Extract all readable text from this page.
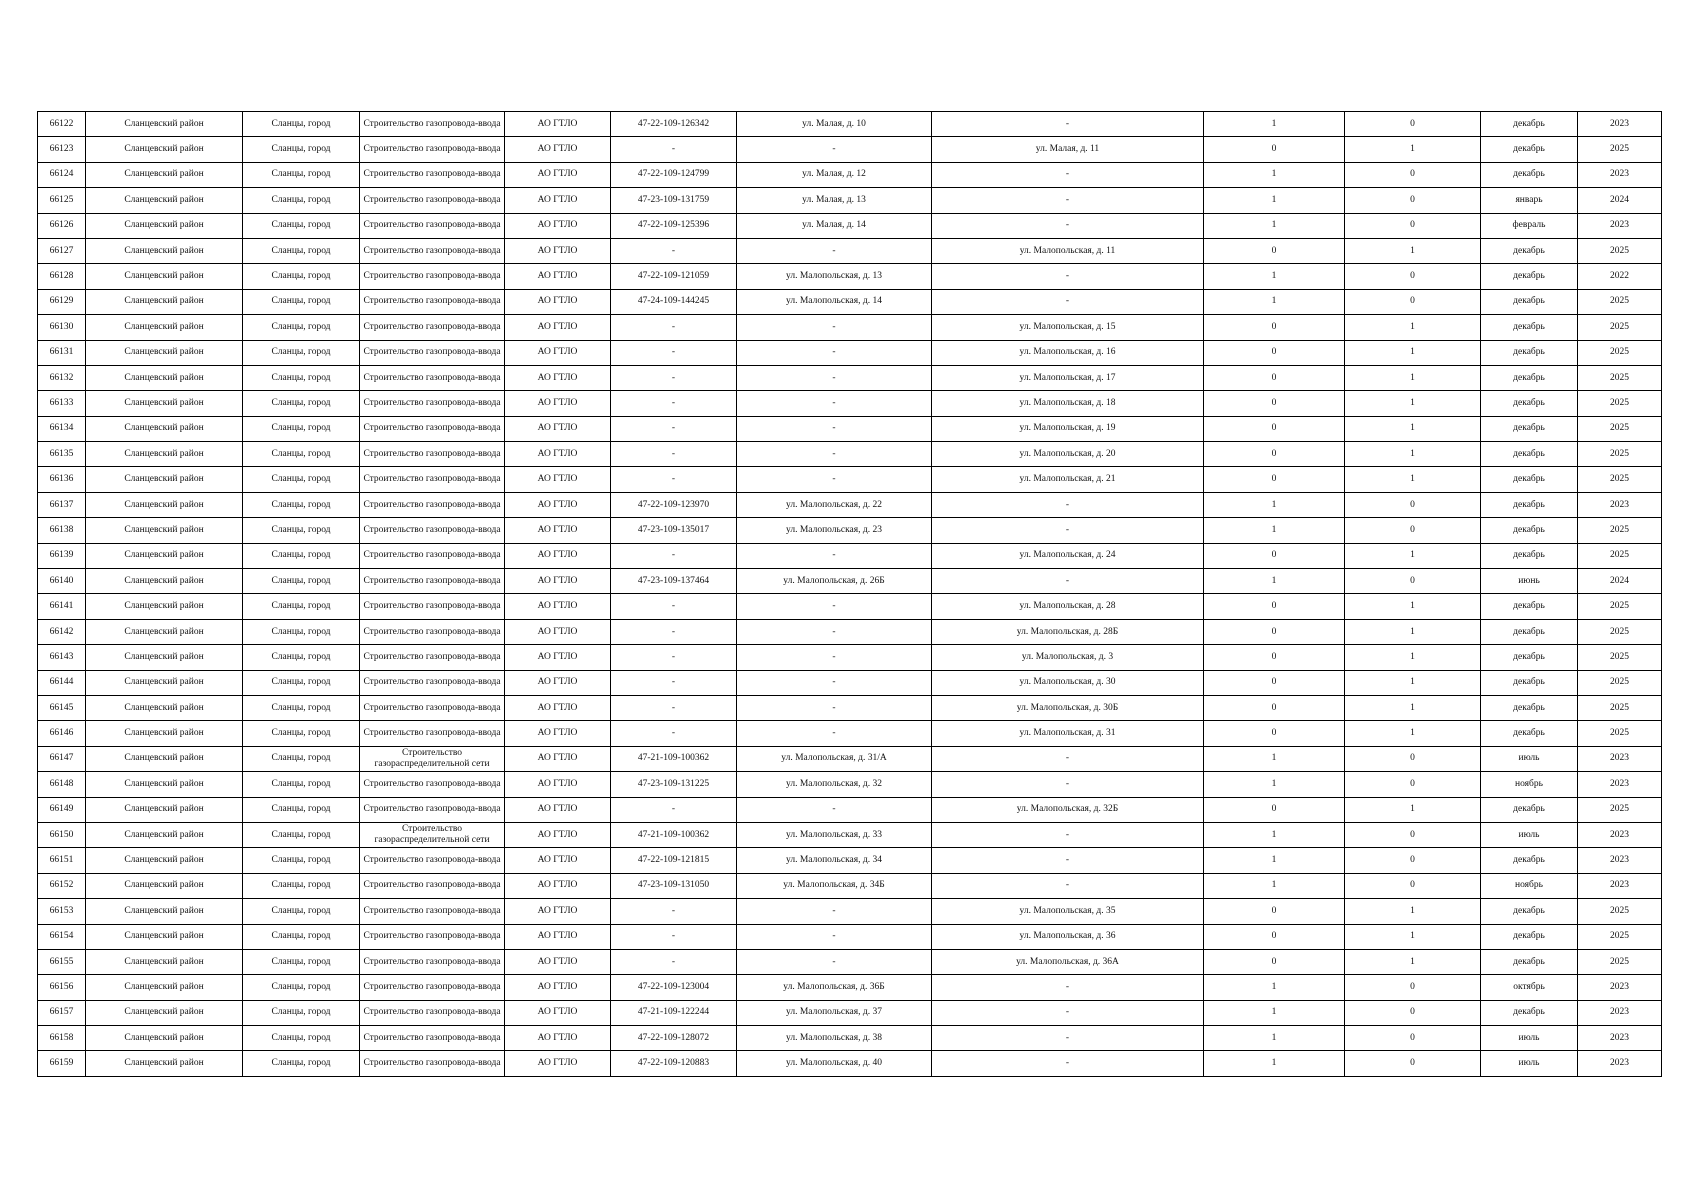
66122	Сланцевский район	Сланцы, город	Строительство газопровода-ввода	АО ГТЛО	47-22-109-126342	ул. Малая, д. 10	-	1	0	декабрь	2023
66123	Сланцевский район	Сланцы, город	Строительство газопровода-ввода	АО ГТЛО	-	-	ул. Малая, д. 11	0	1	декабрь	2025
66124	Сланцевский район	Сланцы, город	Строительство газопровода-ввода	АО ГТЛО	47-22-109-124799	ул. Малая, д. 12	-	1	0	декабрь	2023
66125	Сланцевский район	Сланцы, город	Строительство газопровода-ввода	АО ГТЛО	47-23-109-131759	ул. Малая, д. 13	-	1	0	январь	2024
66126	Сланцевский район	Сланцы, город	Строительство газопровода-ввода	АО ГТЛО	47-22-109-125396	ул. Малая, д. 14	-	1	0	февраль	2023
66127	Сланцевский район	Сланцы, город	Строительство газопровода-ввода	АО ГТЛО	-	-	ул. Малопольская, д. 11	0	1	декабрь	2025
66128	Сланцевский район	Сланцы, город	Строительство газопровода-ввода	АО ГТЛО	47-22-109-121059	ул. Малопольская, д. 13	-	1	0	декабрь	2022
66129	Сланцевский район	Сланцы, город	Строительство газопровода-ввода	АО ГТЛО	47-24-109-144245	ул. Малопольская, д. 14	-	1	0	декабрь	2025
66130	Сланцевский район	Сланцы, город	Строительство газопровода-ввода	АО ГТЛО	-	-	ул. Малопольская, д. 15	0	1	декабрь	2025
66131	Сланцевский район	Сланцы, город	Строительство газопровода-ввода	АО ГТЛО	-	-	ул. Малопольская, д. 16	0	1	декабрь	2025
66132	Сланцевский район	Сланцы, город	Строительство газопровода-ввода	АО ГТЛО	-	-	ул. Малопольская, д. 17	0	1	декабрь	2025
66133	Сланцевский район	Сланцы, город	Строительство газопровода-ввода	АО ГТЛО	-	-	ул. Малопольская, д. 18	0	1	декабрь	2025
66134	Сланцевский район	Сланцы, город	Строительство газопровода-ввода	АО ГТЛО	-	-	ул. Малопольская, д. 19	0	1	декабрь	2025
66135	Сланцевский район	Сланцы, город	Строительство газопровода-ввода	АО ГТЛО	-	-	ул. Малопольская, д. 20	0	1	декабрь	2025
66136	Сланцевский район	Сланцы, город	Строительство газопровода-ввода	АО ГТЛО	-	-	ул. Малопольская, д. 21	0	1	декабрь	2025
66137	Сланцевский район	Сланцы, город	Строительство газопровода-ввода	АО ГТЛО	47-22-109-123970	ул. Малопольская, д. 22	-	1	0	декабрь	2023
66138	Сланцевский район	Сланцы, город	Строительство газопровода-ввода	АО ГТЛО	47-23-109-135017	ул. Малопольская, д. 23	-	1	0	декабрь	2025
66139	Сланцевский район	Сланцы, город	Строительство газопровода-ввода	АО ГТЛО	-	-	ул. Малопольская, д. 24	0	1	декабрь	2025
66140	Сланцевский район	Сланцы, город	Строительство газопровода-ввода	АО ГТЛО	47-23-109-137464	ул. Малопольская, д. 26Б	-	1	0	июнь	2024
66141	Сланцевский район	Сланцы, город	Строительство газопровода-ввода	АО ГТЛО	-	-	ул. Малопольская, д. 28	0	1	декабрь	2025
66142	Сланцевский район	Сланцы, город	Строительство газопровода-ввода	АО ГТЛО	-	-	ул. Малопольская, д. 28Б	0	1	декабрь	2025
66143	Сланцевский район	Сланцы, город	Строительство газопровода-ввода	АО ГТЛО	-	-	ул. Малопольская, д. 3	0	1	декабрь	2025
66144	Сланцевский район	Сланцы, город	Строительство газопровода-ввода	АО ГТЛО	-	-	ул. Малопольская, д. 30	0	1	декабрь	2025
66145	Сланцевский район	Сланцы, город	Строительство газопровода-ввода	АО ГТЛО	-	-	ул. Малопольская, д. 30Б	0	1	декабрь	2025
66146	Сланцевский район	Сланцы, город	Строительство газопровода-ввода	АО ГТЛО	-	-	ул. Малопольская, д. 31	0	1	декабрь	2025
66147	Сланцевский район	Сланцы, город	Строительство газораспределительной сети	АО ГТЛО	47-21-109-100362	ул. Малопольская, д. 31/А	-	1	0	июль	2023
66148	Сланцевский район	Сланцы, город	Строительство газопровода-ввода	АО ГТЛО	47-23-109-131225	ул. Малопольская, д. 32	-	1	0	ноябрь	2023
66149	Сланцевский район	Сланцы, город	Строительство газопровода-ввода	АО ГТЛО	-	-	ул. Малопольская, д. 32Б	0	1	декабрь	2025
66150	Сланцевский район	Сланцы, город	Строительство газораспределительной сети	АО ГТЛО	47-21-109-100362	ул. Малопольская, д. 33	-	1	0	июль	2023
66151	Сланцевский район	Сланцы, город	Строительство газопровода-ввода	АО ГТЛО	47-22-109-121815	ул. Малопольская, д. 34	-	1	0	декабрь	2023
66152	Сланцевский район	Сланцы, город	Строительство газопровода-ввода	АО ГТЛО	47-23-109-131050	ул. Малопольская, д. 34Б	-	1	0	ноябрь	2023
66153	Сланцевский район	Сланцы, город	Строительство газопровода-ввода	АО ГТЛО	-	-	ул. Малопольская, д. 35	0	1	декабрь	2025
66154	Сланцевский район	Сланцы, город	Строительство газопровода-ввода	АО ГТЛО	-	-	ул. Малопольская, д. 36	0	1	декабрь	2025
66155	Сланцевский район	Сланцы, город	Строительство газопровода-ввода	АО ГТЛО	-	-	ул. Малопольская, д. 36А	0	1	декабрь	2025
66156	Сланцевский район	Сланцы, город	Строительство газопровода-ввода	АО ГТЛО	47-22-109-123004	ул. Малопольская, д. 36Б	-	1	0	октябрь	2023
66157	Сланцевский район	Сланцы, город	Строительство газопровода-ввода	АО ГТЛО	47-21-109-122244	ул. Малопольская, д. 37	-	1	0	декабрь	2023
66158	Сланцевский район	Сланцы, город	Строительство газопровода-ввода	АО ГТЛО	47-22-109-128072	ул. Малопольская, д. 38	-	1	0	июль	2023
66159	Сланцевский район	Сланцы, город	Строительство газопровода-ввода	АО ГТЛО	47-22-109-120883	ул. Малопольская, д. 40	-	1	0	июль	2023
